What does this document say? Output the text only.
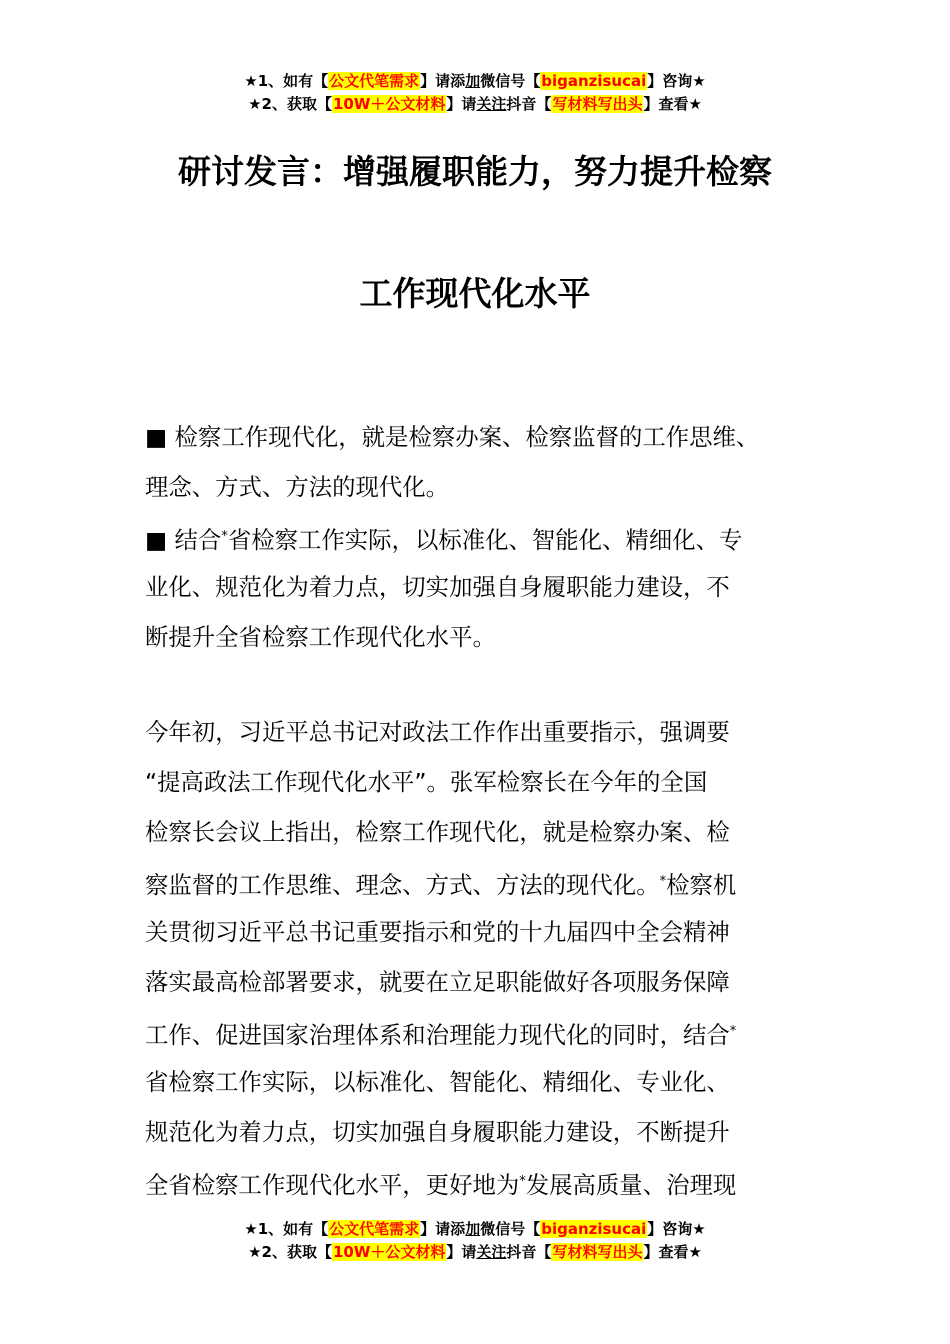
★1、如有【公文代笔需求】请添加微信号【biganzisucai】咨询★
★2、获取【10W＋公文材料】请关注抖音【写材料写出头】查看★
研讨发言：增强履职能力，努力提升检察
工作现代化水平
■ 检察工作现代化，就是检察办案、检察监督的工作思维、
理念、方式、方法的现代化。
■ 结合*省检察工作实际，以标准化、智能化、精细化、专
业化、规范化为着力点，切实加强自身履职能力建设，不
断提升全省检察工作现代化水平。
今年初，习近平总书记对政法工作作出重要指示，强调要
“提高政法工作现代化水平”。张军检察长在今年的全国
检察长会议上指出，检察工作现代化，就是检察办案、检
察监督的工作思维、理念、方式、方法的现代化。*检察机
关贯彻习近平总书记重要指示和党的十九届四中全会精神
落实最高检部署要求，就要在立足职能做好各项服务保障
工作、促进国家治理体系和治理能力现代化的同时，结合*
省检察工作实际，以标准化、智能化、精细化、专业化、
规范化为着力点，切实加强自身履职能力建设，不断提升
全省检察工作现代化水平，更好地为*发展高质量、治理现
★1、如有【公文代笔需求】请添加微信号【biganzisucai】咨询★
★2、获取【10W＋公文材料】请关注抖音【写材料写出头】查看★
